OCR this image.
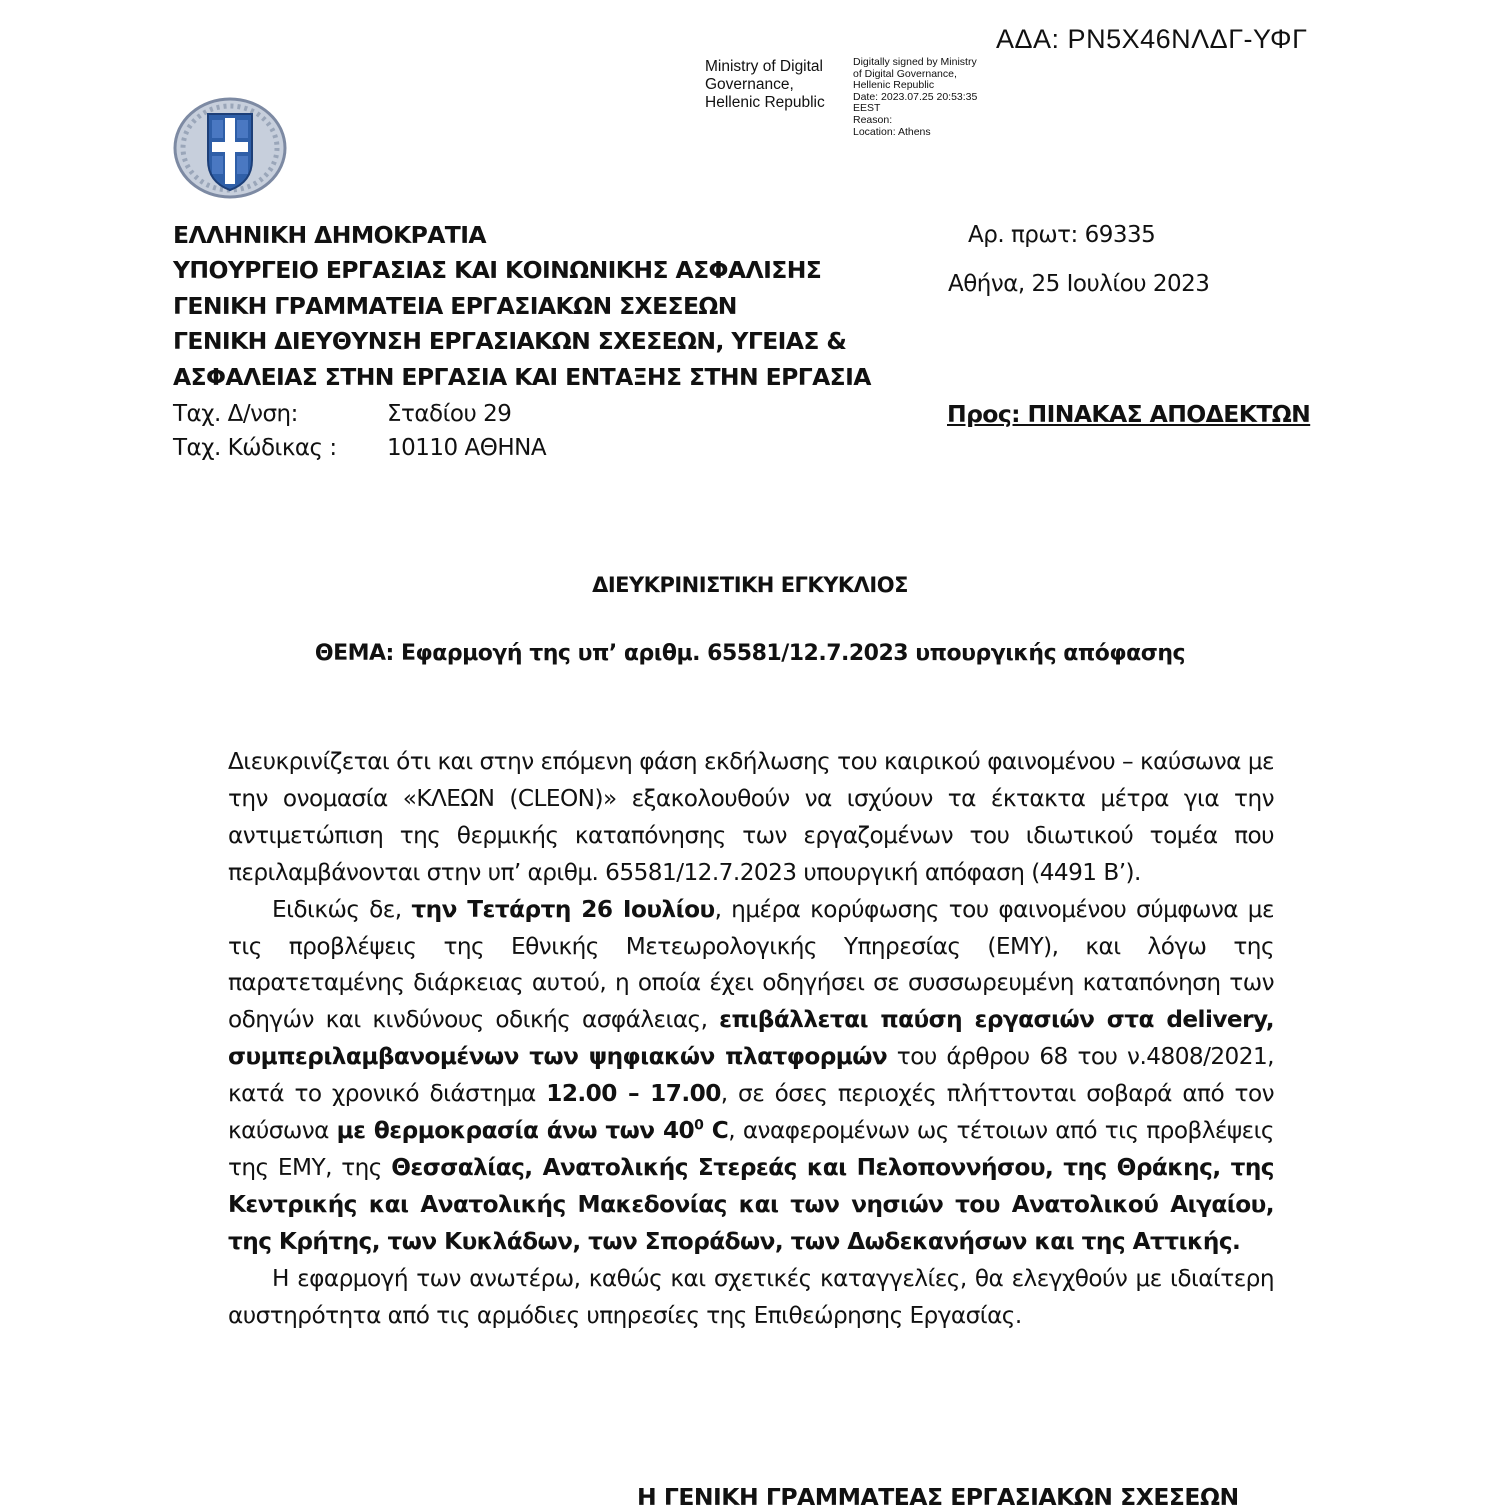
ΑΔΑ: ΡΝ5Χ46ΝΛΔΓ-ΥΦΓ
Ministry of Digital
Governance,
Hellenic Republic
Digitally signed by Ministry
of Digital Governance,
Hellenic Republic
Date: 2023.07.25 20:53:35
EEST
Reason:
Location: Athens
ΕΛΛΗΝΙΚΗ ΔΗΜΟΚΡΑΤΙΑ
ΥΠΟΥΡΓΕΙΟ ΕΡΓΑΣΙΑΣ ΚΑΙ ΚΟΙΝΩΝΙΚΗΣ ΑΣΦΑΛΙΣΗΣ
ΓΕΝΙΚΗ ΓΡΑΜΜΑΤΕΙΑ ΕΡΓΑΣΙΑΚΩΝ ΣΧΕΣΕΩΝ
ΓΕΝΙΚΗ ΔΙΕΥΘΥΝΣΗ ΕΡΓΑΣΙΑΚΩΝ ΣΧΕΣΕΩΝ, ΥΓΕΙΑΣ &
ΑΣΦΑΛΕΙΑΣ ΣΤΗΝ ΕΡΓΑΣΙΑ ΚΑΙ ΕΝΤΑΞΗΣ ΣΤΗΝ ΕΡΓΑΣΙΑ
Αρ. πρωτ: 69335
Αθήνα, 25 Ιουλίου 2023
Προς: ΠΙΝΑΚΑΣ ΑΠΟΔΕΚΤΩΝ
Ταχ. Δ/νση:	Σταδίου 29
Ταχ. Κώδικας : 10110 ΑΘΗΝΑ
ΔΙΕΥΚΡΙΝΙΣΤΙΚΗ ΕΓΚΥΚΛΙΟΣ
ΘΕΜΑ: Εφαρμογή της υπ’ αριθμ. 65581/12.7.2023 υπουργικής απόφασης

Διευκρινίζεται ότι και στην επόμενη φάση εκδήλωσης του καιρικού φαινομένου – καύσωνα με την ονομασία «ΚΛΕΩΝ (CLEON)» εξακολουθούν να ισχύουν τα έκτακτα μέτρα για την αντιμετώπιση της θερμικής καταπόνησης των εργαζομένων του ιδιωτικού τομέα που περιλαμβάνονται στην υπ’ αριθμ. 65581/12.7.2023 υπουργική απόφαση (4491 Β’).

Ειδικώς δε, την Τετάρτη 26 Ιουλίου, ημέρα κορύφωσης του φαινομένου σύμφωνα με τις προβλέψεις της Εθνικής Μετεωρολογικής Υπηρεσίας (ΕΜΥ), και λόγω της παρατεταμένης διάρκειας αυτού, η οποία έχει οδηγήσει σε συσσωρευμένη καταπόνηση των οδηγών και κινδύνους οδικής ασφάλειας, επιβάλλεται παύση εργασιών στα delivery, συμπεριλαμβανομένων των ψηφιακών πλατφορμών του άρθρου 68 του ν.4808/2021, κατά το χρονικό διάστημα 12.00 – 17.00, σε όσες περιοχές πλήττονται σοβαρά από τον καύσωνα με θερμοκρασία άνω των $40^0$ C, αναφερομένων ως τέτοιων από τις προβλέψεις της ΕΜΥ, της Θεσσαλίας, Ανατολικής Στερεάς και Πελοποννήσου, της Θράκης, της Κεντρικής και Ανατολικής Μακεδονίας και των νησιών του Ανατολικού Αιγαίου, της Κρήτης, των Κυκλάδων, των Σποράδων, των Δωδεκανήσων και της Αττικής.

Η εφαρμογή των ανωτέρω, καθώς και σχετικές καταγγελίες, θα ελεγχθούν με ιδιαίτερη αυστηρότητα από τις αρμόδιες υπηρεσίες της Επιθεώρησης Εργασίας.

Η ΓΕΝΙΚΗ ΓΡΑΜΜΑΤΕΑΣ ΕΡΓΑΣΙΑΚΩΝ ΣΧΕΣΕΩΝ
